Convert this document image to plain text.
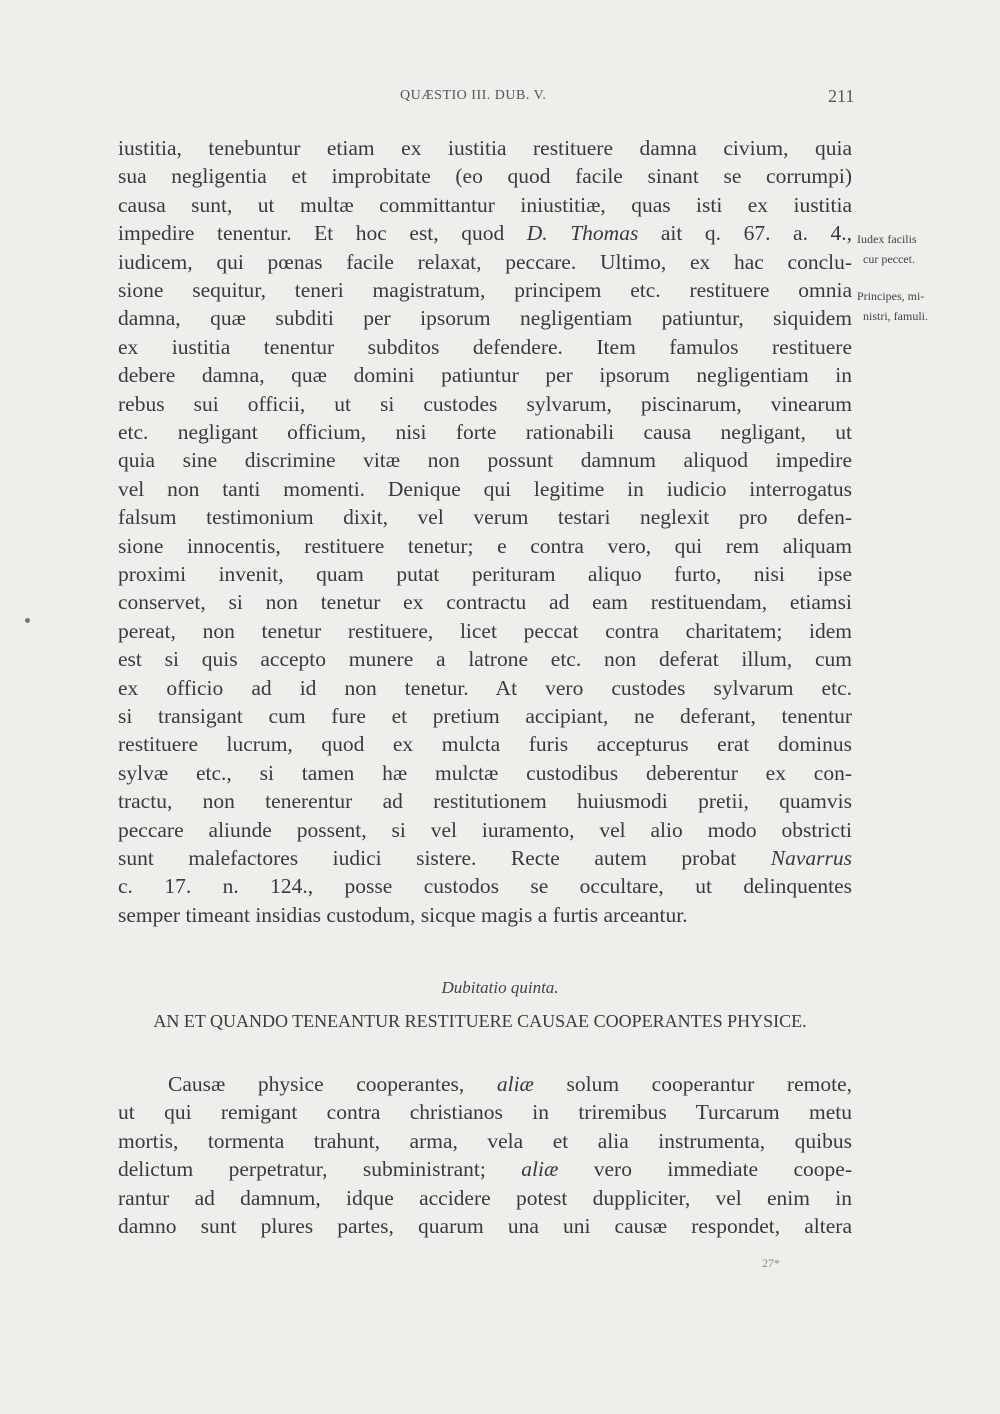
QUÆSTIO III. DUB. V.	211
iustitia, tenebuntur etiam ex iustitia restituere damna civium, quia
sua negligentia et improbitate (eo quod facile sinant se corrumpi)
causa sunt, ut multæ committantur iniustitiæ, quas isti ex iustitia
impedire tenentur. Et hoc est, quod D. Thomas ait q. 67. a. 4.,
iudicem, qui pœnas facile relaxat, peccare. Ultimo, ex hac conclu-
sione sequitur, teneri magistratum, principem etc. restituere omnia
damna, quæ subditi per ipsorum negligentiam patiuntur, siquidem
ex iustitia tenentur subditos defendere. Item famulos restituere
debere damna, quæ domini patiuntur per ipsorum negligentiam in
rebus sui officii, ut si custodes sylvarum, piscinarum, vinearum
etc. negligant officium, nisi forte rationabili causa negligant, ut
quia sine discrimine vitæ non possunt damnum aliquod impedire
vel non tanti momenti. Denique qui legitime in iudicio interrogatus
falsum testimonium dixit, vel verum testari neglexit pro defen-
sione innocentis, restituere tenetur; e contra vero, qui rem aliquam
proximi invenit, quam putat perituram aliquo furto, nisi ipse
conservet, si non tenetur ex contractu ad eam restituendam, etiamsi
pereat, non tenetur restituere, licet peccat contra charitatem; idem
est si quis accepto munere a latrone etc. non deferat illum, cum
ex officio ad id non tenetur. At vero custodes sylvarum etc.
si transigant cum fure et pretium accipiant, ne deferant, tenentur
restituere lucrum, quod ex mulcta furis accepturus erat dominus
sylvæ etc., si tamen hæ mulctæ custodibus deberentur ex con-
tractu, non tenerentur ad restitutionem huiusmodi pretii, quamvis
peccare aliunde possent, si vel iuramento, vel alio modo obstricti
sunt malefactores iudici sistere. Recte autem probat Navarrus
c. 17. n. 124., posse custodos se occultare, ut delinquentes
semper timeant insidias custodum, sicque magis a furtis arceantur.
Iudex facilis
cur peccet.
Principes, mi-
nistri, famuli.
Dubitatio quinta.
AN ET QUANDO TENEANTUR RESTITUERE CAUSAE COOPERANTES PHYSICE.
Causæ physice cooperantes, aliæ solum cooperantur remote,
ut qui remigant contra christianos in triremibus Turcarum metu
mortis, tormenta trahunt, arma, vela et alia instrumenta, quibus
delictum perpetratur, subministrant; aliæ vero immediate coope-
rantur ad damnum, idque accidere potest duppliciter, vel enim in
damno sunt plures partes, quarum una uni causæ respondet, altera
27*
